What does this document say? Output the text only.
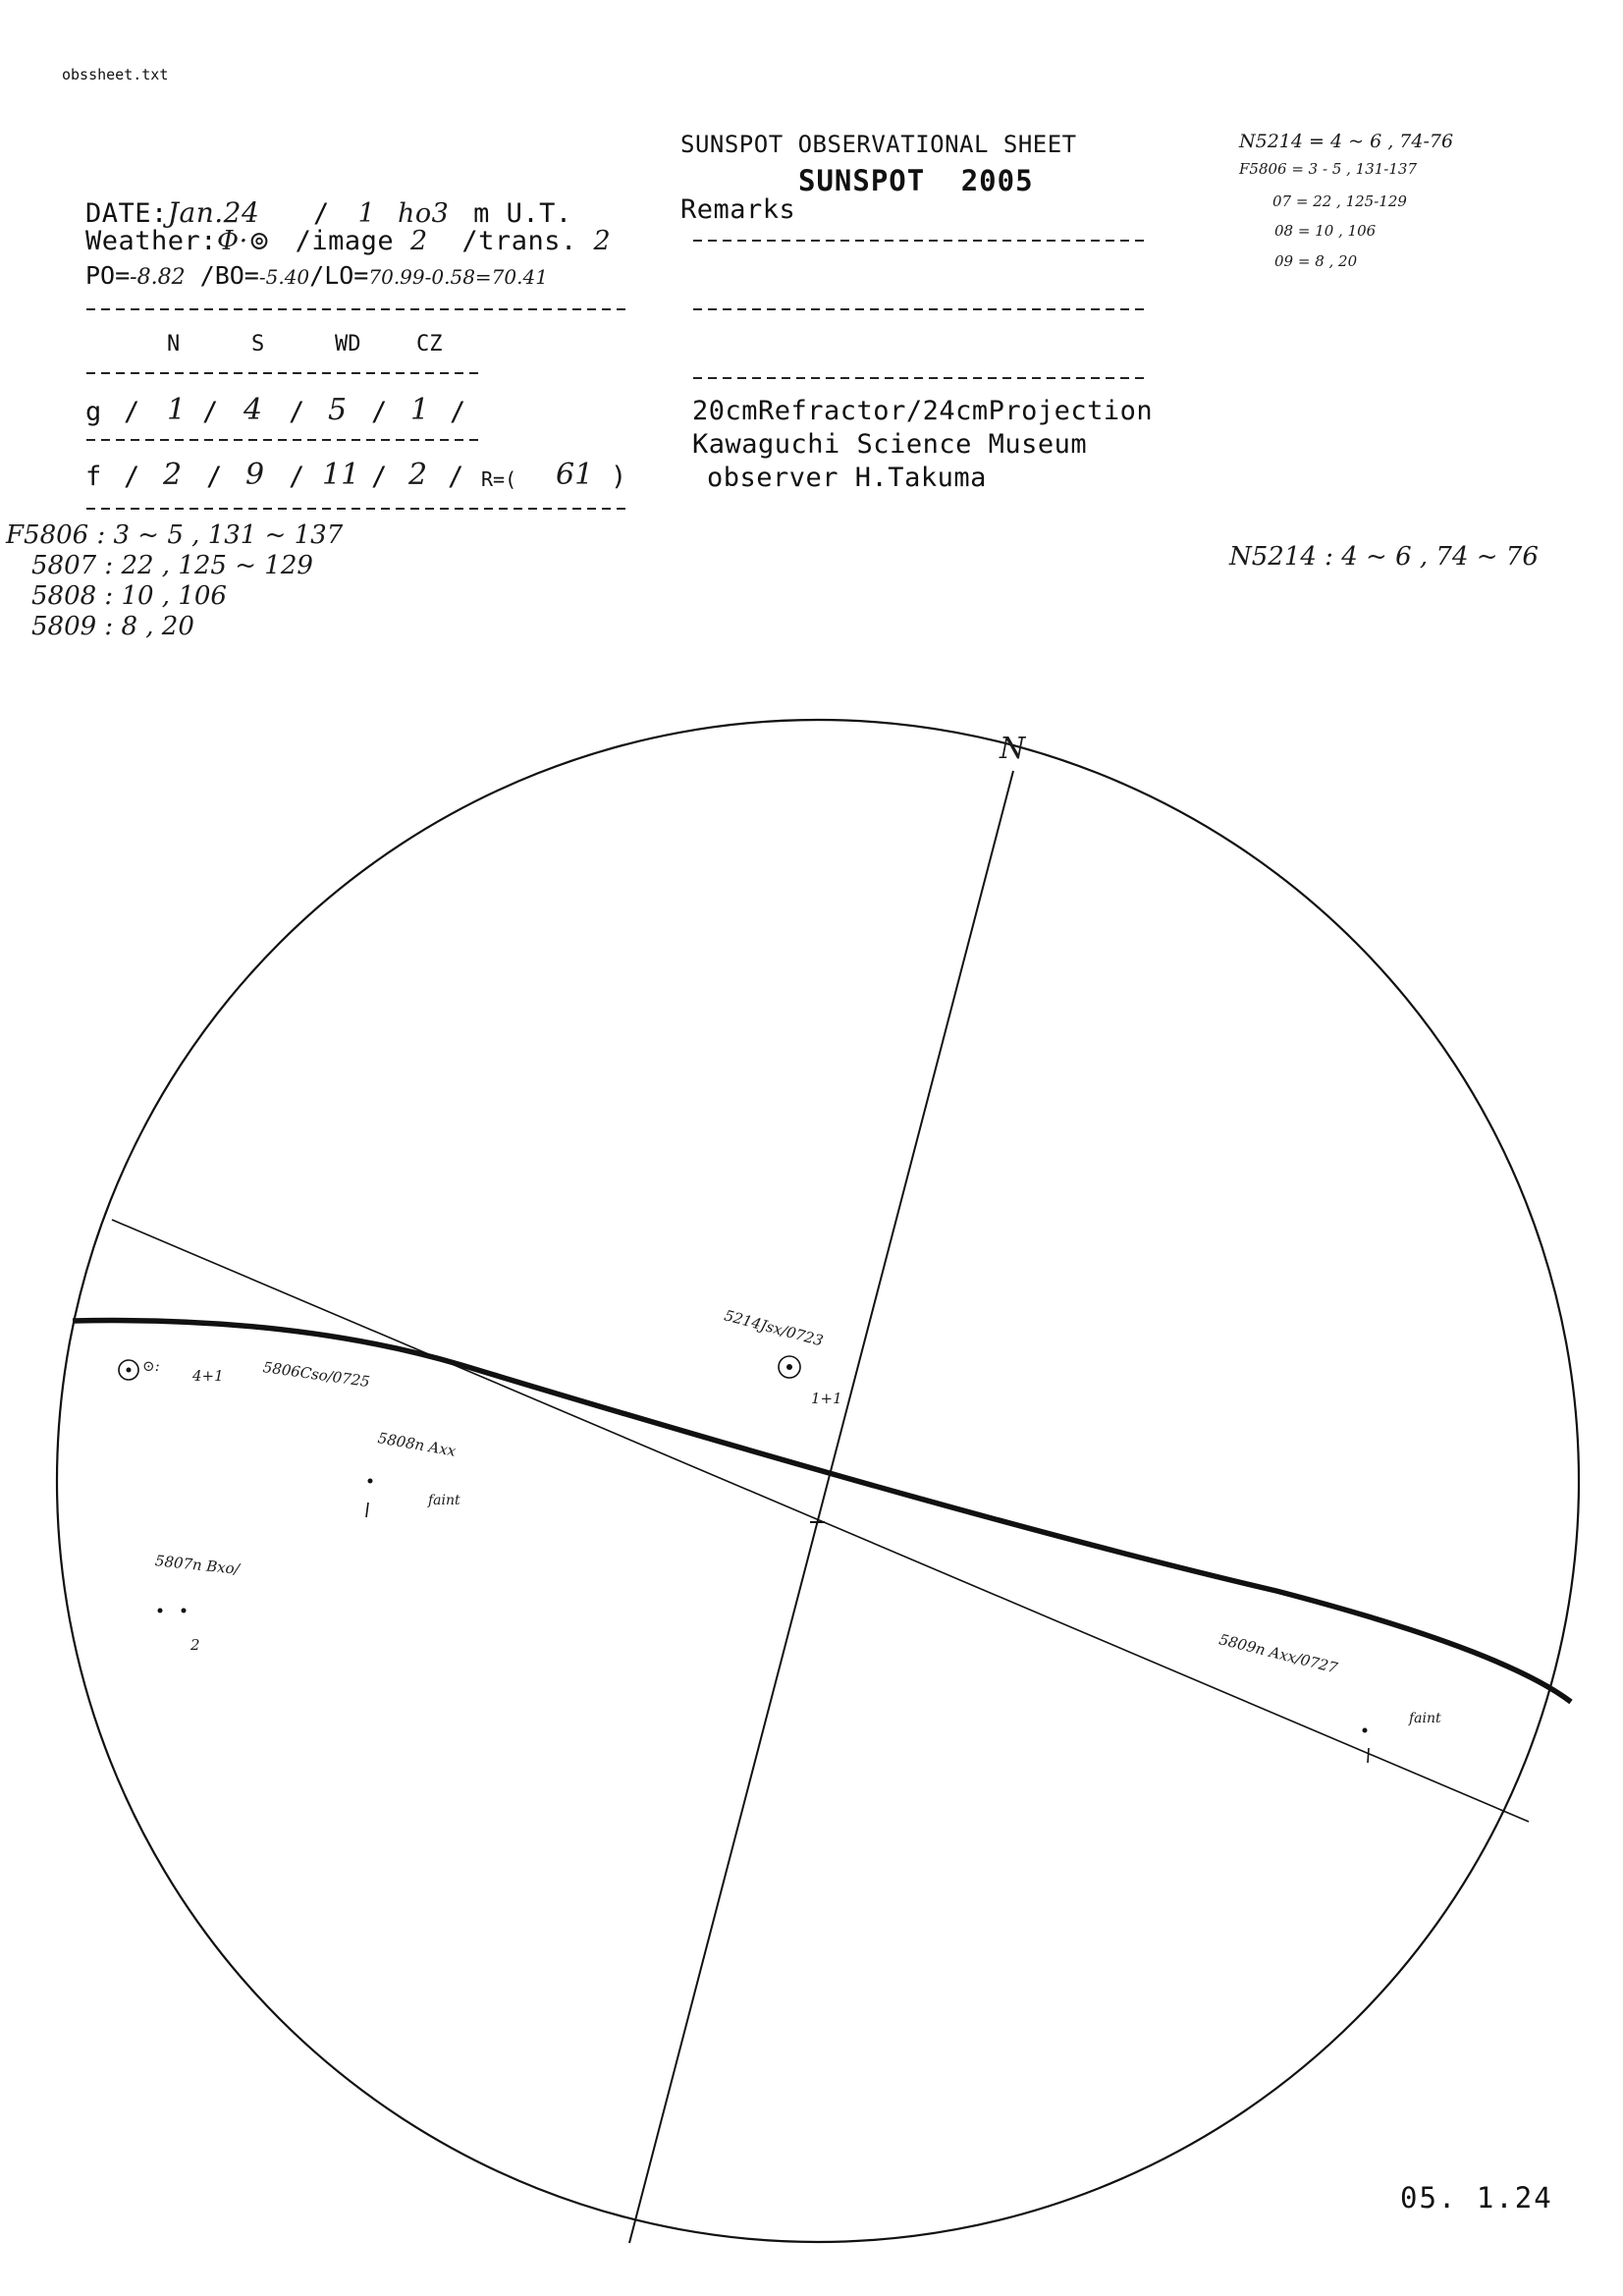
obssheet.txt
SUNSPOT OBSERVATIONAL SHEET
SUNSPOT 2005
Remarks
DATE:Jan.24 / 1 ho3 m U.T.
Weather:Φ·⊚ /image 2 /trans. 2
PO=-8.82 /BO=-5.40/LO=70.99-0.58=70.41
N	S	WD	CZ
g / 1 / 4 / 5 / 1 /
f / 2 / 9 / 11 / 2 / R=( 61 )
20cmRefractor/24cmProjection
Kawaguchi Science Museum
observer H.Takuma
N5214 = 4 ~ 6 , 74-76
F5806 = 3 - 5 , 131-137
07 = 22 , 125-129
08 = 10 , 106
09 = 8 , 20
F5806 : 3 ~ 5 , 131 ~ 137
5807 : 22 , 125 ~ 129
5808 : 10 , 106
5809 : 8 , 20
N5214 : 4 ~ 6 , 74 ~ 76
N
5214Jsx/0723
1+1
⊙:
4+1	5806Cso/0725
5808n Axx
faint
5807n Bxo/
2	5809n Axx/0727
faint
05. 1.24
